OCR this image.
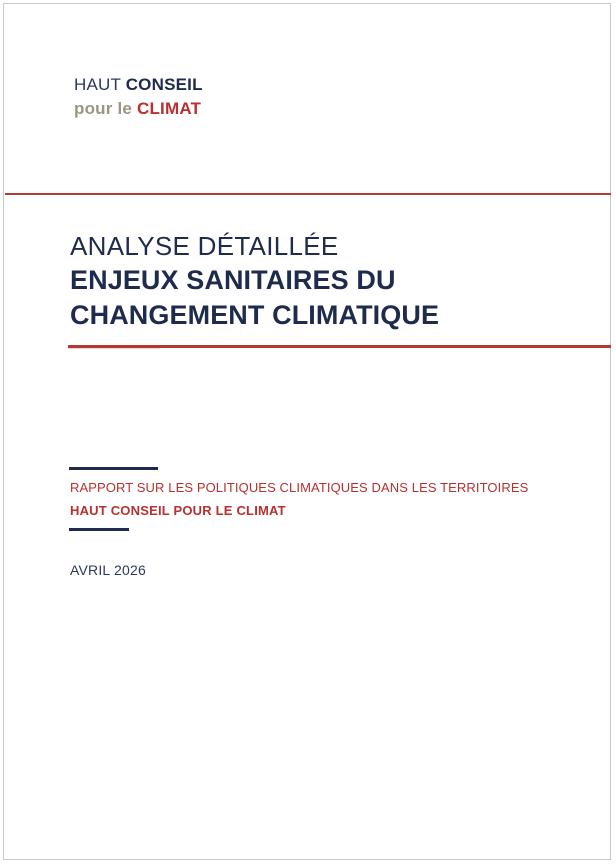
HAUT CONSEIL
pour le CLIMAT
ANALYSE DÉTAILLÉE
ENJEUX SANITAIRES DU
CHANGEMENT CLIMATIQUE
RAPPORT SUR LES POLITIQUES CLIMATIQUES DANS LES TERRITOIRES
HAUT CONSEIL POUR LE CLIMAT
AVRIL 2026
